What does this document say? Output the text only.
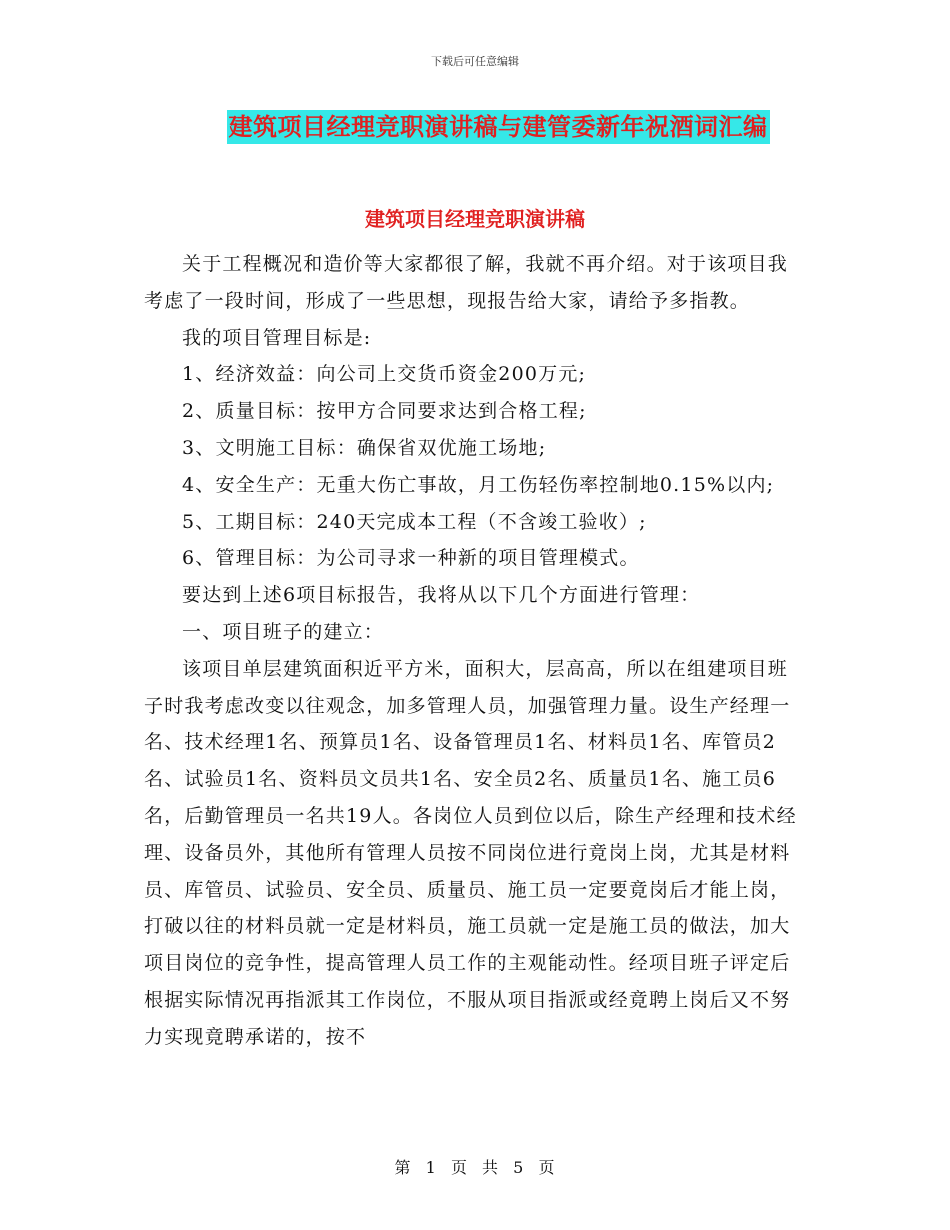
下载后可任意编辑
建筑项目经理竞职演讲稿与建管委新年祝酒词汇编
建筑项目经理竞职演讲稿

关于工程概况和造价等大家都很了解，我就不再介绍。对于该项目我考虑了一段时间，形成了一些思想，现报告给大家，请给予多指教。

我的项目管理目标是:

1、经济效益：向公司上交货币资金200万元;

2、质量目标：按甲方合同要求达到合格工程;

3、文明施工目标：确保省双优施工场地;

4、安全生产：无重大伤亡事故，月工伤轻伤率控制地0.15%以内;

5、工期目标：240天完成本工程（不含竣工验收）;

6、管理目标：为公司寻求一种新的项目管理模式。

要达到上述6项目标报告，我将从以下几个方面进行管理：

一、项目班子的建立：

该项目单层建筑面积近平方米，面积大，层高高，所以在组建项目班子时我考虑改变以往观念，加多管理人员，加强管理力量。设生产经理一名、技术经理1名、预算员1名、设备管理员1名、材料员1名、库管员2名、试验员1名、资料员文员共1名、安全员2名、质量员1名、施工员6名，后勤管理员一名共19人。各岗位人员到位以后，除生产经理和技术经理、设备员外，其他所有管理人员按不同岗位进行竟岗上岗，尤其是材料员、库管员、试验员、安全员、质量员、施工员一定要竟岗后才能上岗，打破以往的材料员就一定是材料员，施工员就一定是施工员的做法，加大项目岗位的竞争性，提高管理人员工作的主观能动性。经项目班子评定后根据实际情况再指派其工作岗位，不服从项目指派或经竟聘上岗后又不努力实现竟聘承诺的，按不

第 1 页 共 5 页
